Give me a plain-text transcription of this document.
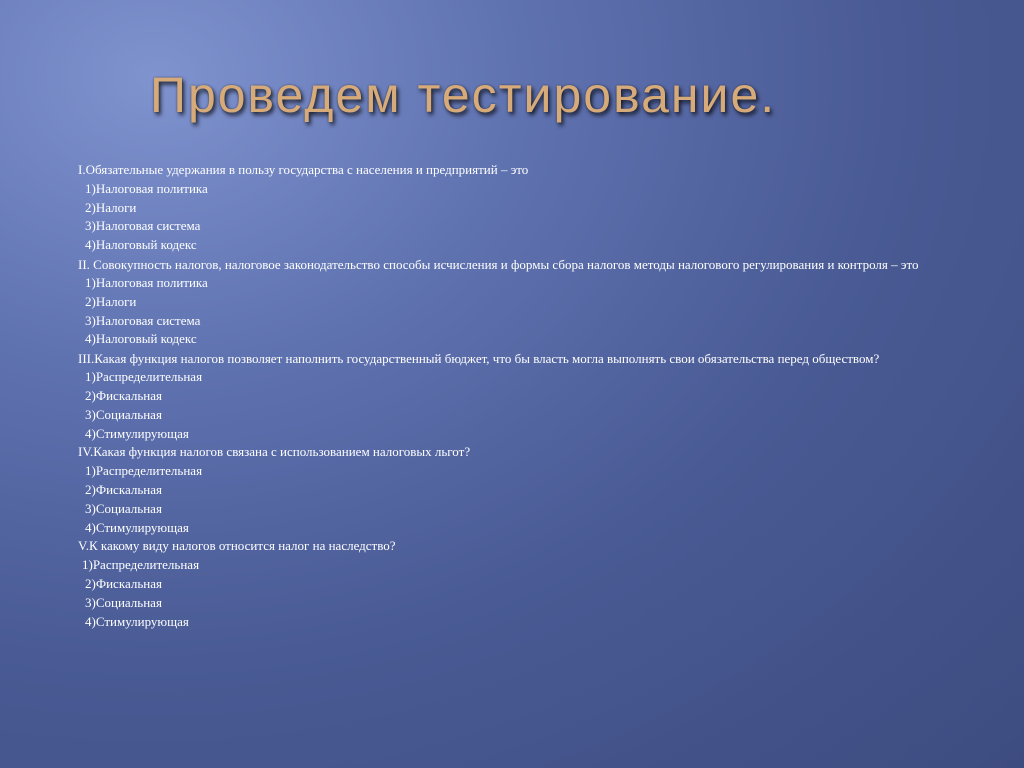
Проведем тестирование.

I.Обязательные удержания в пользу государства с населения и предприятий – это

1)Налоговая политика

2)Налоги

3)Налоговая система

4)Налоговый кодекс

II. Совокупность налогов, налоговое законодательство способы исчисления и формы сбора налогов методы налогового регулирования и контроля – это

1)Налоговая политика

2)Налоги

3)Налоговая система

4)Налоговый кодекс

III.Какая функция налогов позволяет наполнить государственный бюджет, что бы власть могла выполнять свои обязательства перед обществом?

1)Распределительная

2)Фискальная

3)Социальная

4)Стимулирующая

IV.Какая функция налогов связана с использованием налоговых льгот?

1)Распределительная

2)Фискальная

3)Социальная

4)Стимулирующая

V.К какому виду налогов относится налог на наследство?

1)Распределительная

2)Фискальная

3)Социальная

4)Стимулирующая
